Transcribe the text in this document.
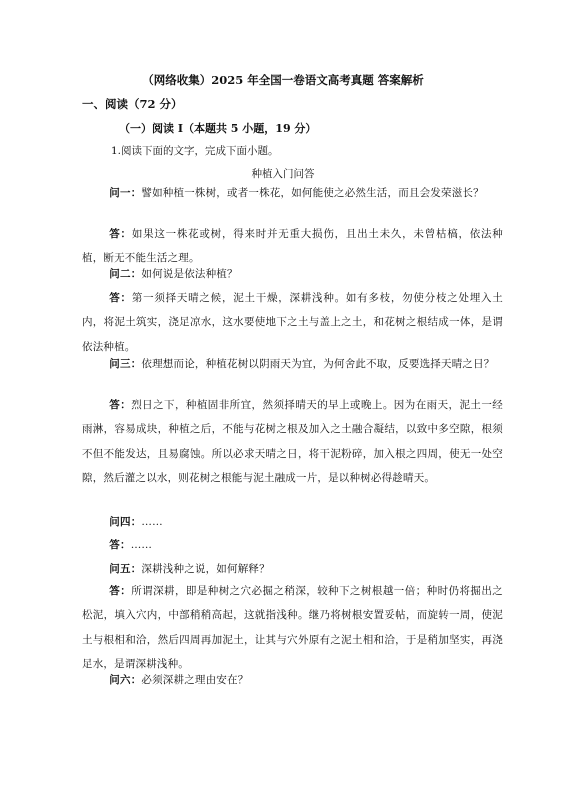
（网络收集）2025 年全国一卷语文高考真题 答案解析
一、阅读（72 分）
（一）阅读 I（本题共 5 小题，19 分）
1.阅读下面的文字，完成下面小题。
种植入门问答
问一：譬如种植一株树，或者一株花，如何能使之必然生活，而且会发荣滋长？
答：如果这一株花或树，得来时并无重大损伤，且出土未久，未曾枯槁，依法种植，断无不能生活之理。
问二：如何说是依法种植？
答：第一须择天晴之候，泥土干燥，深耕浅种。如有多枝，勿使分枝之处埋入土内，将泥土筑实，浇足凉水，这水要使地下之土与盖上之土，和花树之根结成一体，是谓依法种植。
问三：依理想而论，种植花树以阴雨天为宜，为何舍此不取，反要选择天晴之日？
答：烈日之下，种植固非所宜，然须择晴天的早上或晚上。因为在雨天，泥土一经雨淋，容易成块，种植之后，不能与花树之根及加入之土融合凝结，以致中多空隙，根须不但不能发达，且易腐蚀。所以必求天晴之日，将干泥粉碎，加入根之四周，使无一处空隙，然后灌之以水，则花树之根能与泥土融成一片，是以种树必得趁晴天。
问四：……
答：……
问五：深耕浅种之说，如何解释？
答：所谓深耕，即是种树之穴必掘之稍深，较种下之树根越一倍；种时仍将掘出之松泥，填入穴内，中部稍稍高起，这就指浅种。继乃将树根安置妥帖，而旋转一周，使泥土与根相和洽，然后四周再加泥土，让其与穴外原有之泥土相和洽，于是稍加坚实，再浇足水，是谓深耕浅种。
问六：必须深耕之理由安在？
